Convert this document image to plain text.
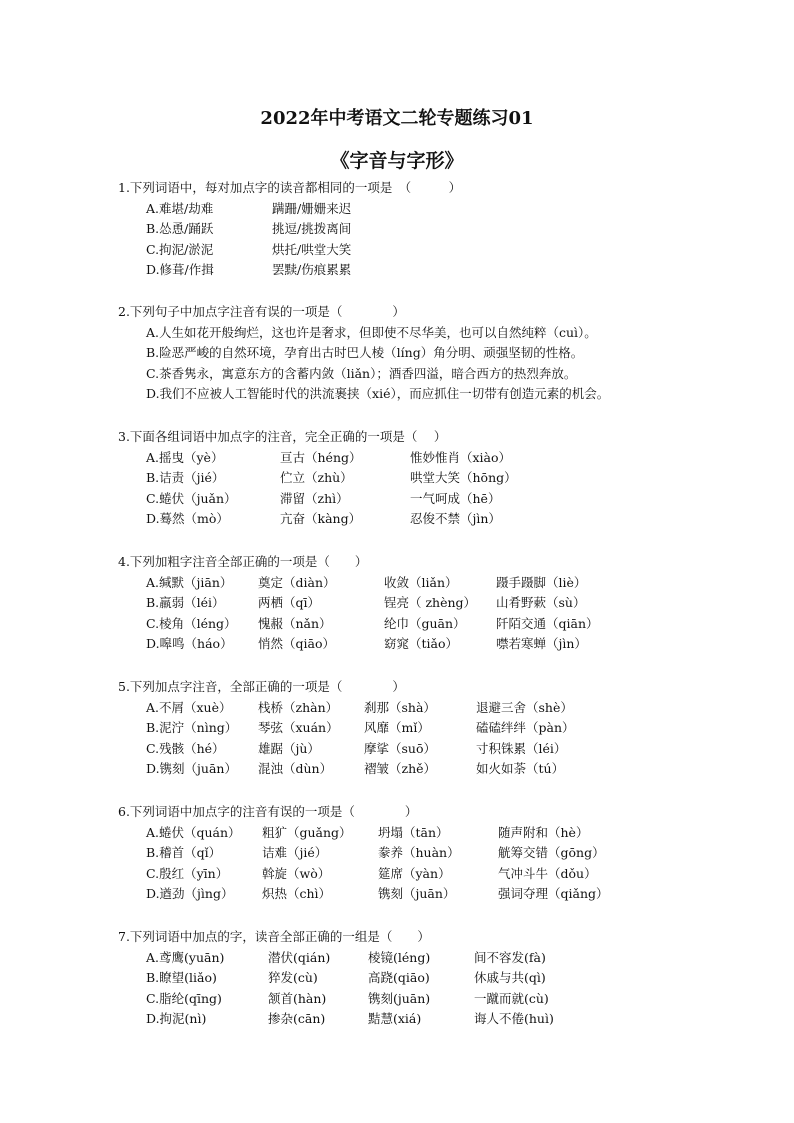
2022年中考语文二轮专题练习01
《字音与字形》
1.下列词语中，每对加点字的读音都相同的一项是　（　　　）
A.难堪/劫难	蹒跚/姗姗来迟
B.怂恿/踊跃	挑逗/挑拨离间
C.拘泥/淤泥	烘托/哄堂大笑
D.修葺/作揖	罢黩/伤痕累累
2.下列句子中加点字注音有误的一项是（　　　　）
A.人生如花开般绚烂，这也许是奢求，但即使不尽华美，也可以自然纯粹（cuì）。
B.险恶严峻的自然环境，孕育出古时巴人棱（líng）角分明、顽强坚韧的性格。
C.茶香隽永，寓意东方的含蓄内敛（liǎn）；酒香四溢，暗合西方的热烈奔放。
D.我们不应被人工智能时代的洪流裹挟（xié），而应抓住一切带有创造元素的机会。
3.下面各组词语中加点字的注音，完全正确的一项是（　 ）
A.摇曳（yè）	亘古（héng）	惟妙惟肖（xiào）
B.诘责（jié）	伫立（zhù）	哄堂大笑（hōng）
C.蜷伏（juǎn）	滞留（zhì）	一气呵成（hē）
D.蓦然（mò）	亢奋（kàng）	忍俊不禁（jìn）
4.下列加粗字注音全部正确的一项是（　　）
A.缄默（jiān） 奠定（diàn）	收敛（liǎn）	蹑手蹑脚（liè）
B.羸弱（léi）	两栖（qī）	锃亮（ zhèng） 山肴野蔌（sù）
C.棱角（léng） 愧赧（nǎn）	纶巾（guān） 阡陌交通（qiān）
D.嗥鸣（háo） 悄然（qiāo）	窈窕（tiǎo）	噤若寒蝉（jìn）
5.下列加点字注音，全部正确的一项是（　　　　）
A.不屑（xuè） 栈桥（zhàn） 刹那（shà）	退避三舍（shè）
B.泥泞（nìng） 琴弦（xuán） 风靡（mǐ）	磕磕绊绊（pàn）
C.残骸（hé）	雄踞（jù）	摩挲（suō）	寸积铢累（léi）
D.镌刻（juān） 混浊（dùn）	褶皱（zhě）	如火如荼（tú）
6.下列词语中加点字的注音有误的一项是（　　　　）
A.蜷伏（quán） 粗犷（guǎng） 坍塌（tān）	随声附和（hè）
B.稽首（qǐ）	诘难（jié）	豢养（huàn）	觥筹交错（gōng）
C.殷红（yīn）	斡旋（wò）	筵席（yàn）	气冲斗牛（dǒu）
D.遒劲（jìng） 炽热（chì）	镌刻（juān）	强词夺理（qiǎng）
7.下列词语中加点的字，读音全部正确的一组是（　　）
A.鸢鹰(yuān)	潜伏(qián)	棱镜(léng)	间不容发(fà)
B.瞭望(liǎo)	猝发(cù)	高跷(qiāo)	休戚与共(qì)
C.脂纶(qīng)	颔首(hàn)	镌刻(juān)	一蹴而就(cù)
D.拘泥(nì)	掺杂(cān)	黠慧(xiá)	诲人不倦(huì)
